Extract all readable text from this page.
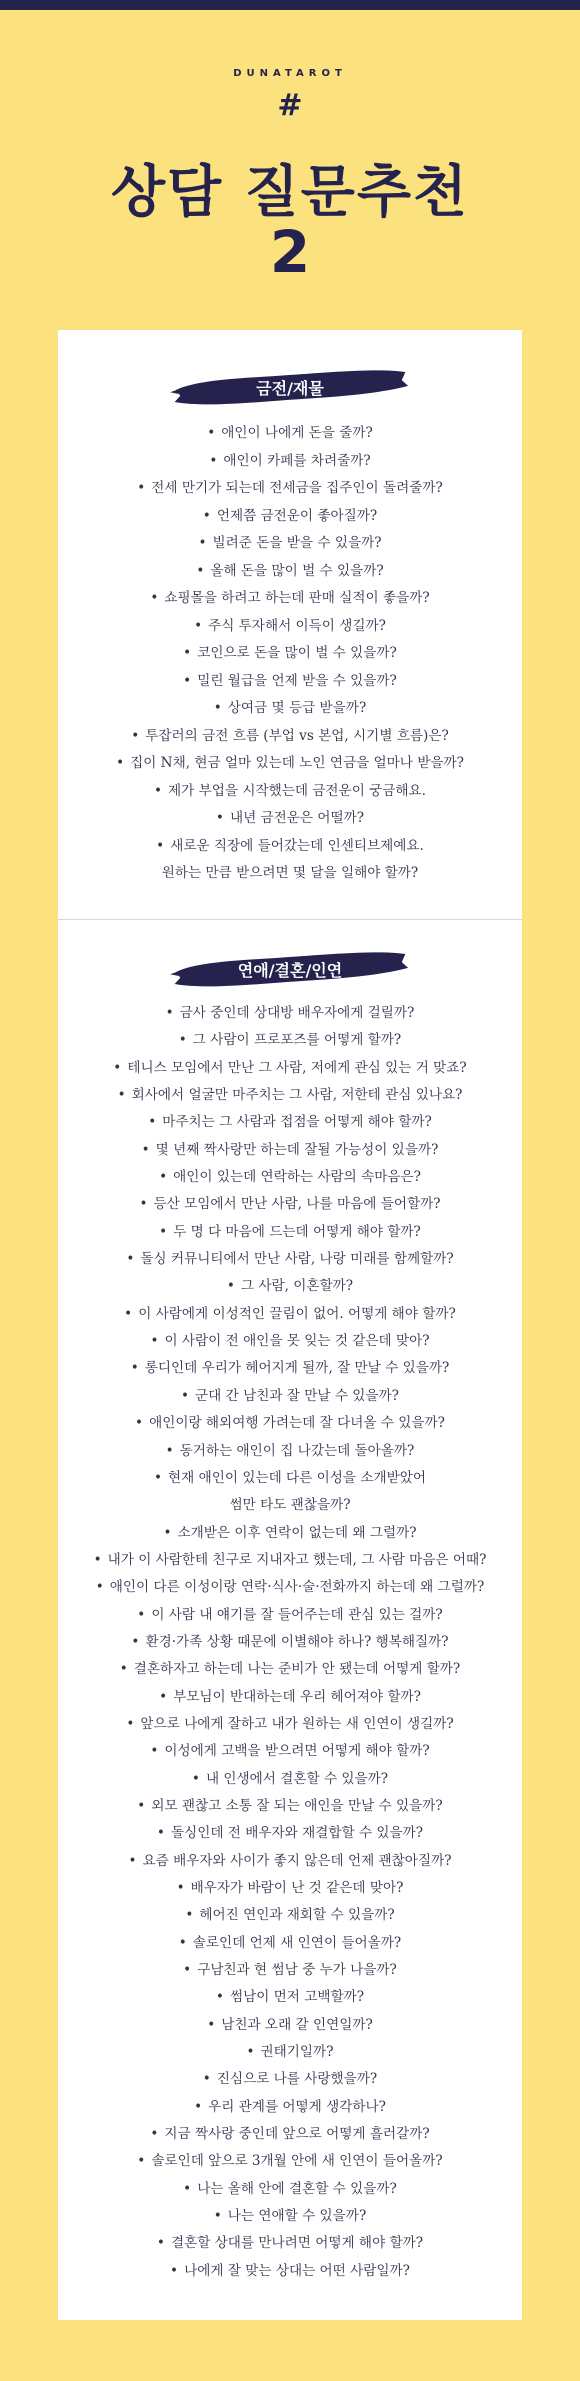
DUNATAROT
#
상담 질문추천
2
금전/재물
• 애인이 나에게 돈을 줄까?
• 애인이 카페를 차려줄까?
• 전세 만기가 되는데 전세금을 집주인이 돌려줄까?
• 언제쯤 금전운이 좋아질까?
• 빌려준 돈을 받을 수 있을까?
• 올해 돈을 많이 벌 수 있을까?
• 쇼핑몰을 하려고 하는데 판매 실적이 좋을까?
• 주식 투자해서 이득이 생길까?
• 코인으로 돈을 많이 벌 수 있을까?
• 밀린 월급을 언제 받을 수 있을까?
• 상여금 몇 등급 받을까?
• 투잡러의 금전 흐름 (부업 vs 본업, 시기별 흐름)은?
• 집이 N채, 현금 얼마 있는데 노인 연금을 얼마나 받을까?
• 제가 부업을 시작했는데 금전운이 궁금해요.
• 내년 금전운은 어떨까?
• 새로운 직장에 들어갔는데 인센티브제예요.
원하는 만큼 받으려면 몇 달을 일해야 할까?
연애/결혼/인연
• 금사 중인데 상대방 배우자에게 걸릴까?
• 그 사람이 프로포즈를 어떻게 할까?
• 테니스 모임에서 만난 그 사람, 저에게 관심 있는 거 맞죠?
• 회사에서 얼굴만 마주치는 그 사람, 저한테 관심 있나요?
• 마주치는 그 사람과 접점을 어떻게 해야 할까?
• 몇 년째 짝사랑만 하는데 잘될 가능성이 있을까?
• 애인이 있는데 연락하는 사람의 속마음은?
• 등산 모임에서 만난 사람, 나를 마음에 들어할까?
• 두 명 다 마음에 드는데 어떻게 해야 할까?
• 돌싱 커뮤니티에서 만난 사람, 나랑 미래를 함께할까?
• 그 사람, 이혼할까?
• 이 사람에게 이성적인 끌림이 없어. 어떻게 해야 할까?
• 이 사람이 전 애인을 못 잊는 것 같은데 맞아?
• 롱디인데 우리가 헤어지게 될까, 잘 만날 수 있을까?
• 군대 간 남친과 잘 만날 수 있을까?
• 애인이랑 해외여행 가려는데 잘 다녀올 수 있을까?
• 동거하는 애인이 집 나갔는데 돌아올까?
• 현재 애인이 있는데 다른 이성을 소개받았어
썸만 타도 괜찮을까?
• 소개받은 이후 연락이 없는데 왜 그럴까?
• 내가 이 사람한테 친구로 지내자고 했는데, 그 사람 마음은 어때?
• 애인이 다른 이성이랑 연락·식사·술·전화까지 하는데 왜 그럴까?
• 이 사람 내 얘기를 잘 들어주는데 관심 있는 걸까?
• 환경·가족 상황 때문에 이별해야 하나? 행복해질까?
• 결혼하자고 하는데 나는 준비가 안 됐는데 어떻게 할까?
• 부모님이 반대하는데 우리 헤어져야 할까?
• 앞으로 나에게 잘하고 내가 원하는 새 인연이 생길까?
• 이성에게 고백을 받으려면 어떻게 해야 할까?
• 내 인생에서 결혼할 수 있을까?
• 외모 괜찮고 소통 잘 되는 애인을 만날 수 있을까?
• 돌싱인데 전 배우자와 재결합할 수 있을까?
• 요즘 배우자와 사이가 좋지 않은데 언제 괜찮아질까?
• 배우자가 바람이 난 것 같은데 맞아?
• 헤어진 연인과 재회할 수 있을까?
• 솔로인데 언제 새 인연이 들어올까?
• 구남친과 현 썸남 중 누가 나을까?
• 썸남이 먼저 고백할까?
• 남친과 오래 갈 인연일까?
• 권태기일까?
• 진심으로 나를 사랑했을까?
• 우리 관계를 어떻게 생각하나?
• 지금 짝사랑 중인데 앞으로 어떻게 흘러갈까?
• 솔로인데 앞으로 3개월 안에 새 인연이 들어올까?
• 나는 올해 안에 결혼할 수 있을까?
• 나는 연애할 수 있을까?
• 결혼할 상대를 만나려면 어떻게 해야 할까?
• 나에게 잘 맞는 상대는 어떤 사람일까?
